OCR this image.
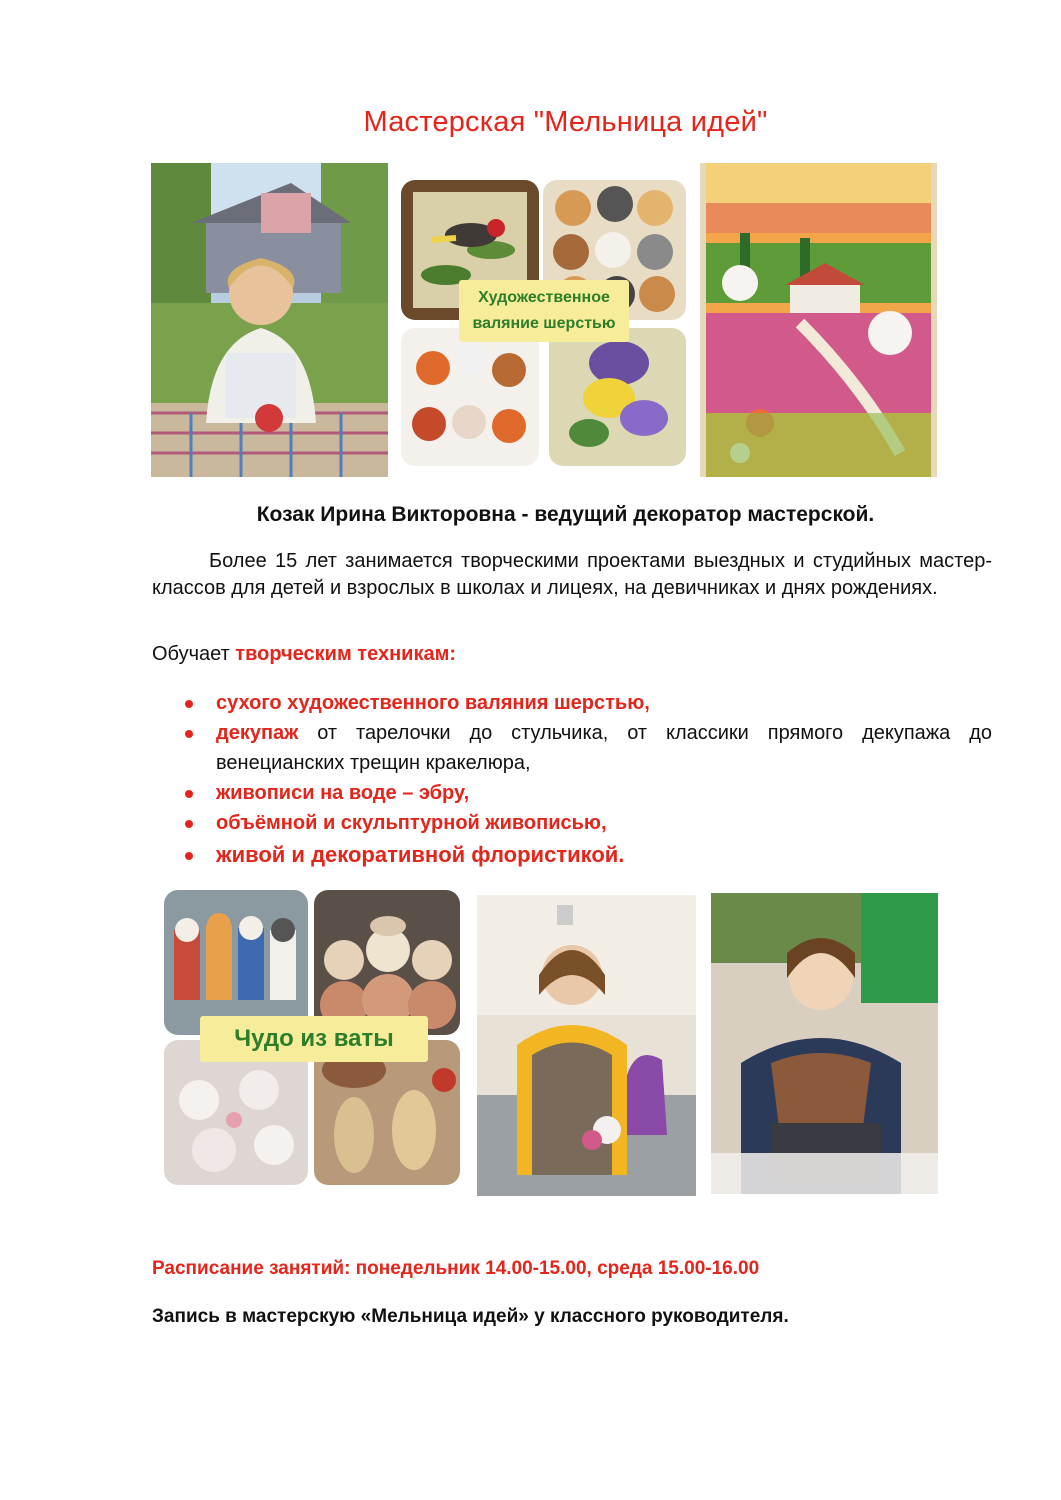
Мастерская "Мельница идей"
Художественное
валяние шерстью
Козак Ирина Викторовна - ведущий декоратор мастерской.
Более 15 лет занимается творческими проектами выездных и студийных мастер-классов для детей и взрослых в школах и лицеях, на девичниках и днях рождениях.
Обучает творческим техникам:
сухого художественного валяния шерстью,
декупаж от тарелочки до стульчика, от классики прямого декупажа до венецианских трещин кракелюра,
живописи на воде – эбру,
объёмной и скульптурной живописью,
живой и декоративной флористикой.
Чудо из ваты
Расписание занятий: понедельник 14.00-15.00, среда 15.00-16.00
Запись в мастерскую «Мельница идей» у классного руководителя.
